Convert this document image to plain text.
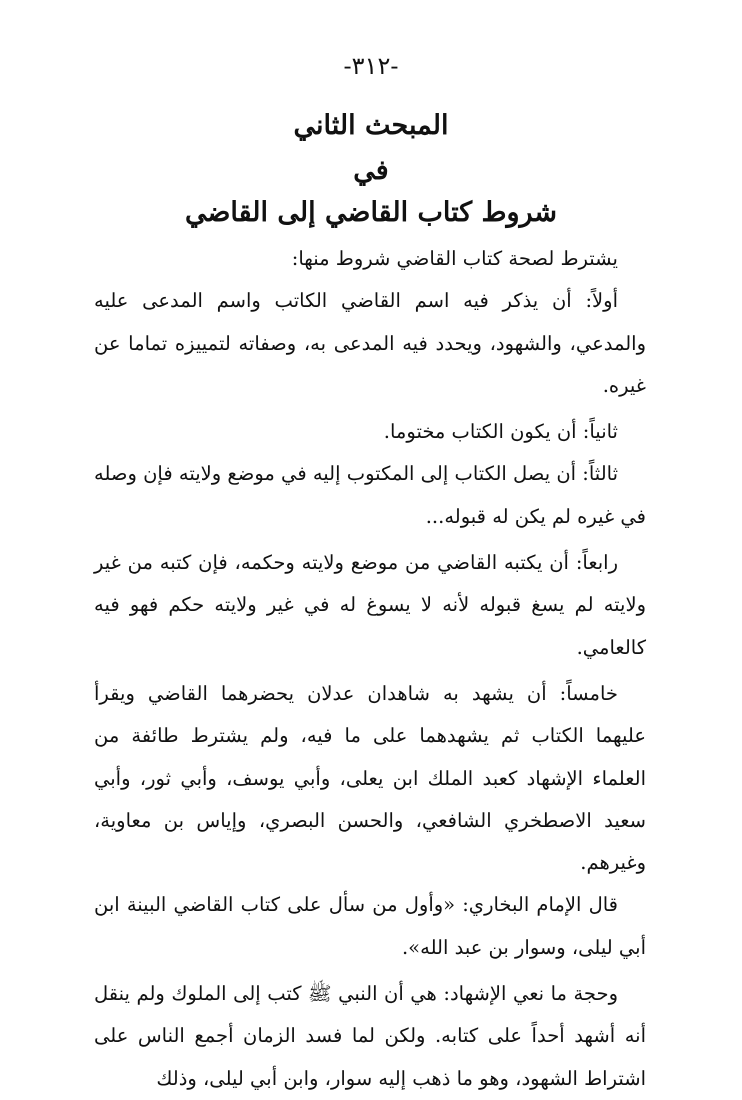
-٣١٢-
المبحث الثاني
في
شروط كتاب القاضي إلى القاضي

يشترط لصحة كتاب القاضي شروط منها:

أولاً: أن يذكر فيه اسم القاضي الكاتب واسم المدعى عليه والمدعي، والشهود، ويحدد فيه المدعى به، وصفاته لتمييزه تماما عن غيره.

ثانياً: أن يكون الكتاب مختوما.

ثالثاً: أن يصل الكتاب إلى المكتوب إليه في موضع ولايته فإن وصله في غيره لم يكن له قبوله...

رابعاً: أن يكتبه القاضي من موضع ولايته وحكمه، فإن كتبه من غير ولايته لم يسغ قبوله لأنه لا يسوغ له في غير ولايته حكم فهو فيه كالعامي.

خامساً: أن يشهد به شاهدان عدلان يحضرهما القاضي ويقرأ عليهما الكتاب ثم يشهدهما على ما فيه، ولم يشترط طائفة من العلماء الإشهاد كعبد الملك ابن يعلى، وأبي يوسف، وأبي ثور، وأبي سعيد الاصطخري الشافعي، والحسن البصري، وإياس بن معاوية، وغيرهم.

قال الإمام البخاري: «وأول من سأل على كتاب القاضي البينة ابن أبي ليلى، وسوار بن عبد الله».

وحجة ما نعي الإشهاد: هي أن النبي ﷺ كتب إلى الملوك ولم ينقل أنه أشهد أحداً على كتابه. ولكن لما فسد الزمان أجمع الناس على اشتراط الشهود، وهو ما ذهب إليه سوار، وابن أبي ليلى، وذلك
